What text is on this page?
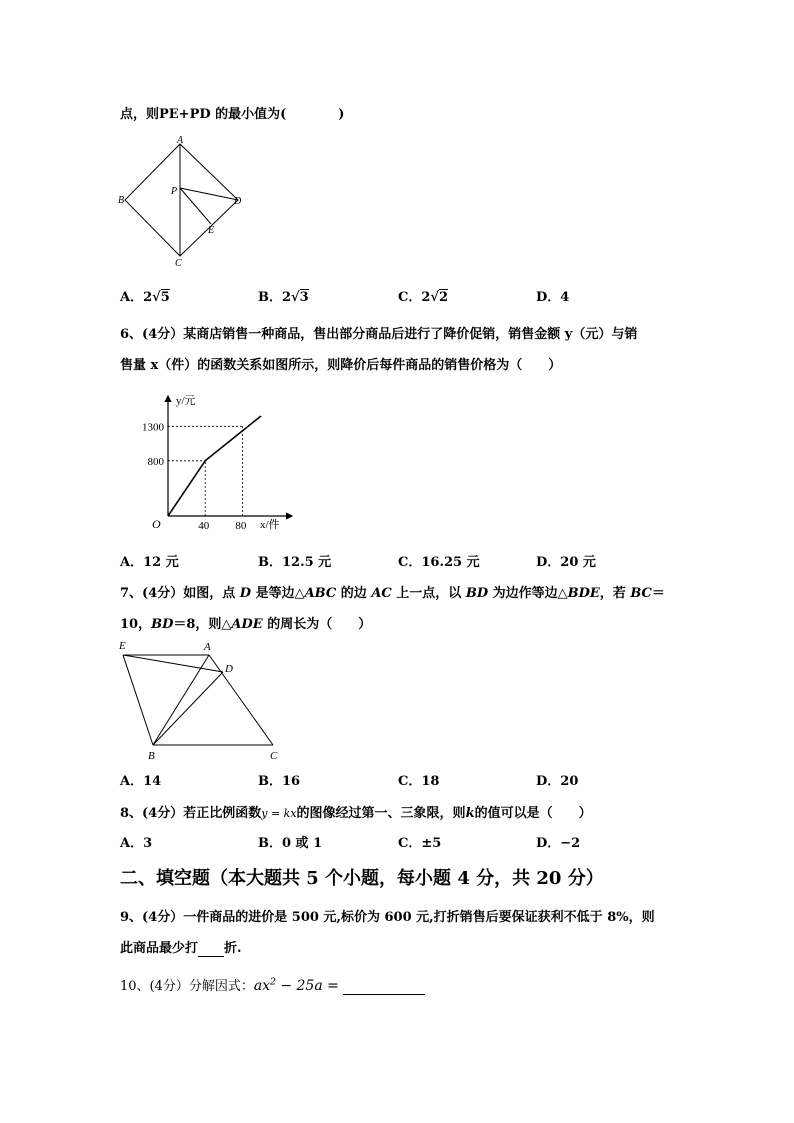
点，则PE+PD 的最小值为(　　　　)
A
B
C
D
E
P
A．2√5	B．2√3	C．2√2	D．4
6、(4分）某商店销售一种商品，售出部分商品后进行了降价促销，销售金额 y（元）与销
售量 x（件）的函数关系如图所示，则降价后每件商品的销售价格为（　　）
y/元
x/件
O	40 80
800
1300
A．12 元	B．12.5 元	C．16.25 元	D．20 元
7、(4分）如图，点 D 是等边△ABC 的边 AC 上一点，以 BD 为边作等边△BDE，若 BC＝
10，BD＝8，则△ADE 的周长为（　　）
E	A
D
B	C
A．14	B．16	C．18	D．20
8、(4分）若正比例函数y = kx的图像经过第一、三象限，则k的值可以是（　　）
A．3	B．0 或 1	C．±5	D．−2
二、填空题（本大题共 5 个小题，每小题 4 分，共 20 分）
9、(4分）一件商品的进价是 500 元,标价为 600 元,打折销售后要保证获利不低于 8%，则
此商品最少打 折.
10、(4分）分解因式：$ax^2 - 25a$ =
